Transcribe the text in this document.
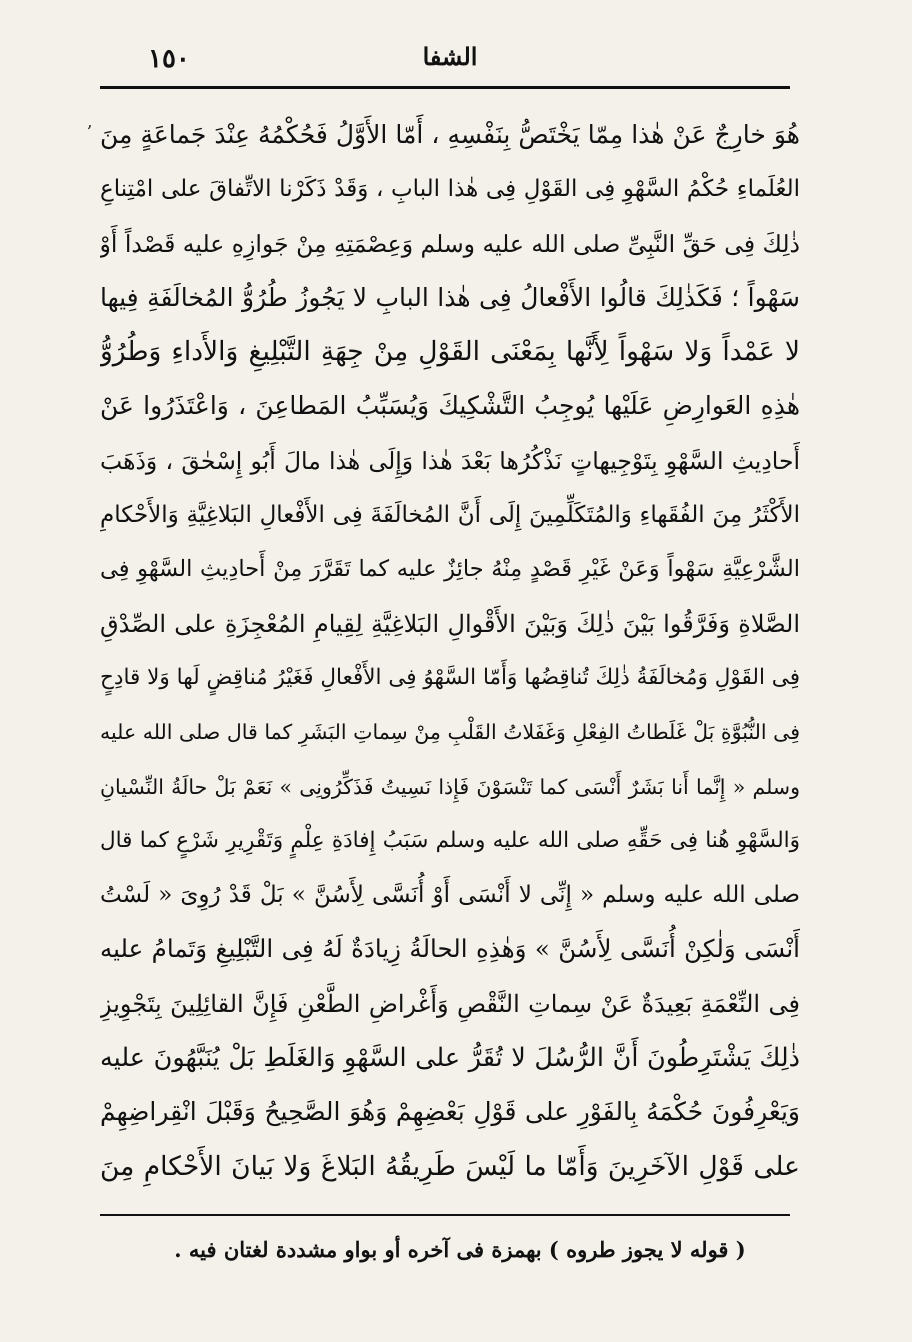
١٥٠	الشفا
ʼ هُوَ خارِجٌ عَنْ هٰذا مِمّا يَخْتَصُّ بِنَفْسِهِ ، أَمّا الأَوَّلُ فَحُكْمُهُ عِنْدَ جَماعَةٍ مِنَ
العُلَماءِ حُكْمُ السَّهْوِ فِى القَوْلِ فِى هٰذا البابِ ، وَقَدْ ذَكَرْنا الاتِّفاقَ على امْتِناعِ
ذٰلِكَ فِى حَقِّ النَّبِىِّ صلى الله عليه وسلم وَعِصْمَتِهِ مِنْ جَوازِهِ عليه قَصْداً أَوْ
سَهْواً ؛ فَكَذٰلِكَ قالُوا الأَفْعالُ فِى هٰذا البابِ لا يَجُوزُ طُرُوُّ المُخالَفَةِ فِيها
لا عَمْداً وَلا سَهْواً لِأَنَّها بِمَعْنَى القَوْلِ مِنْ جِهَةِ التَّبْلِيغِ وَالأَداءِ وَطُرُوُّ
هٰذِهِ العَوارِضِ عَلَيْها يُوجِبُ التَّشْكِيكَ وَيُسَبِّبُ المَطاعِنَ ، وَاعْتَذَرُوا عَنْ
أَحادِيثِ السَّهْوِ بِتَوْجِيهاتٍ نَذْكُرُها بَعْدَ هٰذا وَإِلَى هٰذا مالَ أَبُو إِسْحٰقَ ، وَذَهَبَ
الأَكْثَرُ مِنَ الفُقَهاءِ وَالمُتَكَلِّمِينَ إِلَى أَنَّ المُخالَفَةَ فِى الأَفْعالِ البَلاغِيَّةِ وَالأَحْكامِ
الشَّرْعِيَّةِ سَهْواً وَعَنْ غَيْرِ قَصْدٍ مِنْهُ جائِزٌ عليه كما تَقَرَّرَ مِنْ أَحادِيثِ السَّهْوِ فِى
الصَّلاةِ وَفَرَّقُوا بَيْنَ ذٰلِكَ وَبَيْنَ الأَقْوالِ البَلاغِيَّةِ لِقِيامِ المُعْجِزَةِ على الصِّدْقِ
فِى القَوْلِ وَمُخالَفَةُ ذٰلِكَ تُناقِضُها وَأَمّا السَّهْوُ فِى الأَفْعالِ فَغَيْرُ مُناقِضٍ لَها وَلا قادِحٍ
فِى النُّبُوَّةِ بَلْ غَلَطاتُ الفِعْلِ وَغَفَلاتُ القَلْبِ مِنْ سِماتِ البَشَرِ كما قال صلى الله عليه
وسلم « إِنَّما أَنا بَشَرٌ أَنْسَى كما تَنْسَوْنَ فَإِذا نَسِيتُ فَذَكِّرُونِى » نَعَمْ بَلْ حالَةُ النِّسْيانِ
وَالسَّهْوِ هُنا فِى حَقِّهِ صلى الله عليه وسلم سَبَبُ إِفادَةِ عِلْمٍ وَتَقْرِيرِ شَرْعٍ كما قال
صلى الله عليه وسلم « إِنِّى لا أَنْسَى أَوْ أُنَسَّى لِأَسُنَّ » بَلْ قَدْ رُوِىَ « لَسْتُ
أَنْسَى وَلٰكِنْ أُنَسَّى لِأَسُنَّ » وَهٰذِهِ الحالَةُ زِيادَةٌ لَهُ فِى التَّبْلِيغِ وَتَمامُ عليه
فِى النِّعْمَةِ بَعِيدَةٌ عَنْ سِماتِ النَّقْصِ وَأَغْراضِ الطَّعْنِ فَإِنَّ القائِلِينَ بِتَجْوِيزِ
ذٰلِكَ يَشْتَرِطُونَ أَنَّ الرُّسُلَ لا تُقَرُّ على السَّهْوِ وَالغَلَطِ بَلْ يُنَبَّهُونَ عليه
وَيَعْرِفُونَ حُكْمَهُ بِالفَوْرِ على قَوْلِ بَعْضِهِمْ وَهُوَ الصَّحِيحُ وَقَبْلَ انْقِراضِهِمْ
على قَوْلِ الآخَرِينَ وَأَمّا ما لَيْسَ طَرِيقُهُ البَلاغَ وَلا بَيانَ الأَحْكامِ مِنَ
( قوله لا يجوز طروه ) بهمزة فى آخره أو بواو مشددة لغتان فيه .
